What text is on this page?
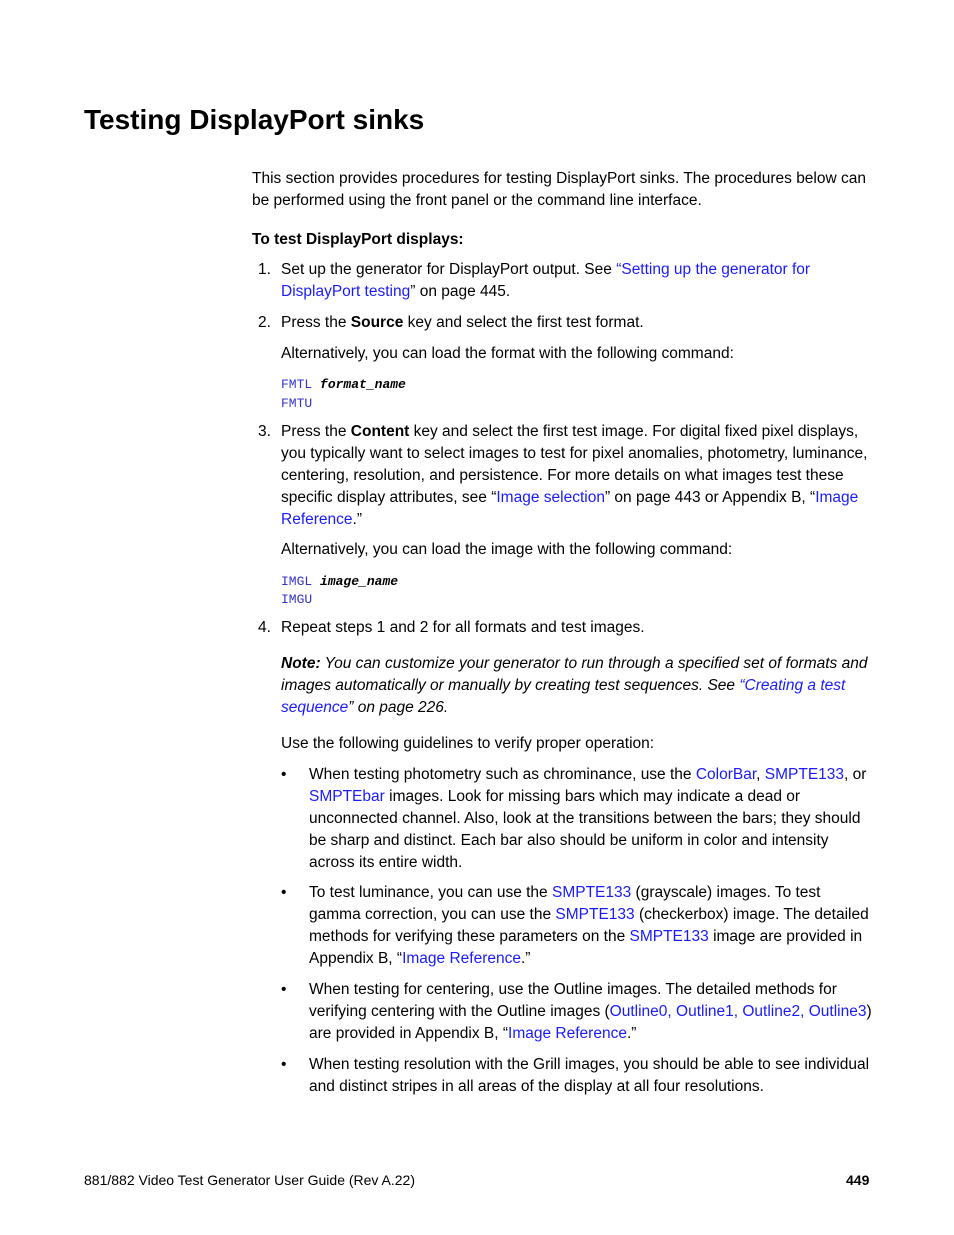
Testing DisplayPort sinks
This section provides procedures for testing DisplayPort sinks. The procedures below can be performed using the front panel or the command line interface.
To test DisplayPort displays:
1. Set up the generator for DisplayPort output. See “Setting up the generator for DisplayPort testing” on page 445.
2. Press the Source key and select the first test format.
Alternatively, you can load the format with the following command:
FMTL format_name
FMTU
3. Press the Content key and select the first test image. For digital fixed pixel displays, you typically want to select images to test for pixel anomalies, photometry, luminance, centering, resolution, and persistence. For more details on what images test these specific display attributes, see “Image selection” on page 443 or Appendix B, “Image Reference.”
Alternatively, you can load the image with the following command:
IMGL image_name
IMGU
4. Repeat steps 1 and 2 for all formats and test images.
Note: You can customize your generator to run through a specified set of formats and images automatically or manually by creating test sequences. See “Creating a test sequence” on page 226.
Use the following guidelines to verify proper operation:
• When testing photometry such as chrominance, use the ColorBar, SMPTE133, or SMPTEbar images. Look for missing bars which may indicate a dead or unconnected channel. Also, look at the transitions between the bars; they should be sharp and distinct. Each bar also should be uniform in color and intensity across its entire width.
• To test luminance, you can use the SMPTE133 (grayscale) images. To test gamma correction, you can use the SMPTE133 (checkerbox) image. The detailed methods for verifying these parameters on the SMPTE133 image are provided in Appendix B, “Image Reference.”
• When testing for centering, use the Outline images. The detailed methods for verifying centering with the Outline images (Outline0, Outline1, Outline2, Outline3) are provided in Appendix B, “Image Reference.”
• When testing resolution with the Grill images, you should be able to see individual and distinct stripes in all areas of the display at all four resolutions.
881/882 Video Test Generator User Guide (Rev A.22)	449
